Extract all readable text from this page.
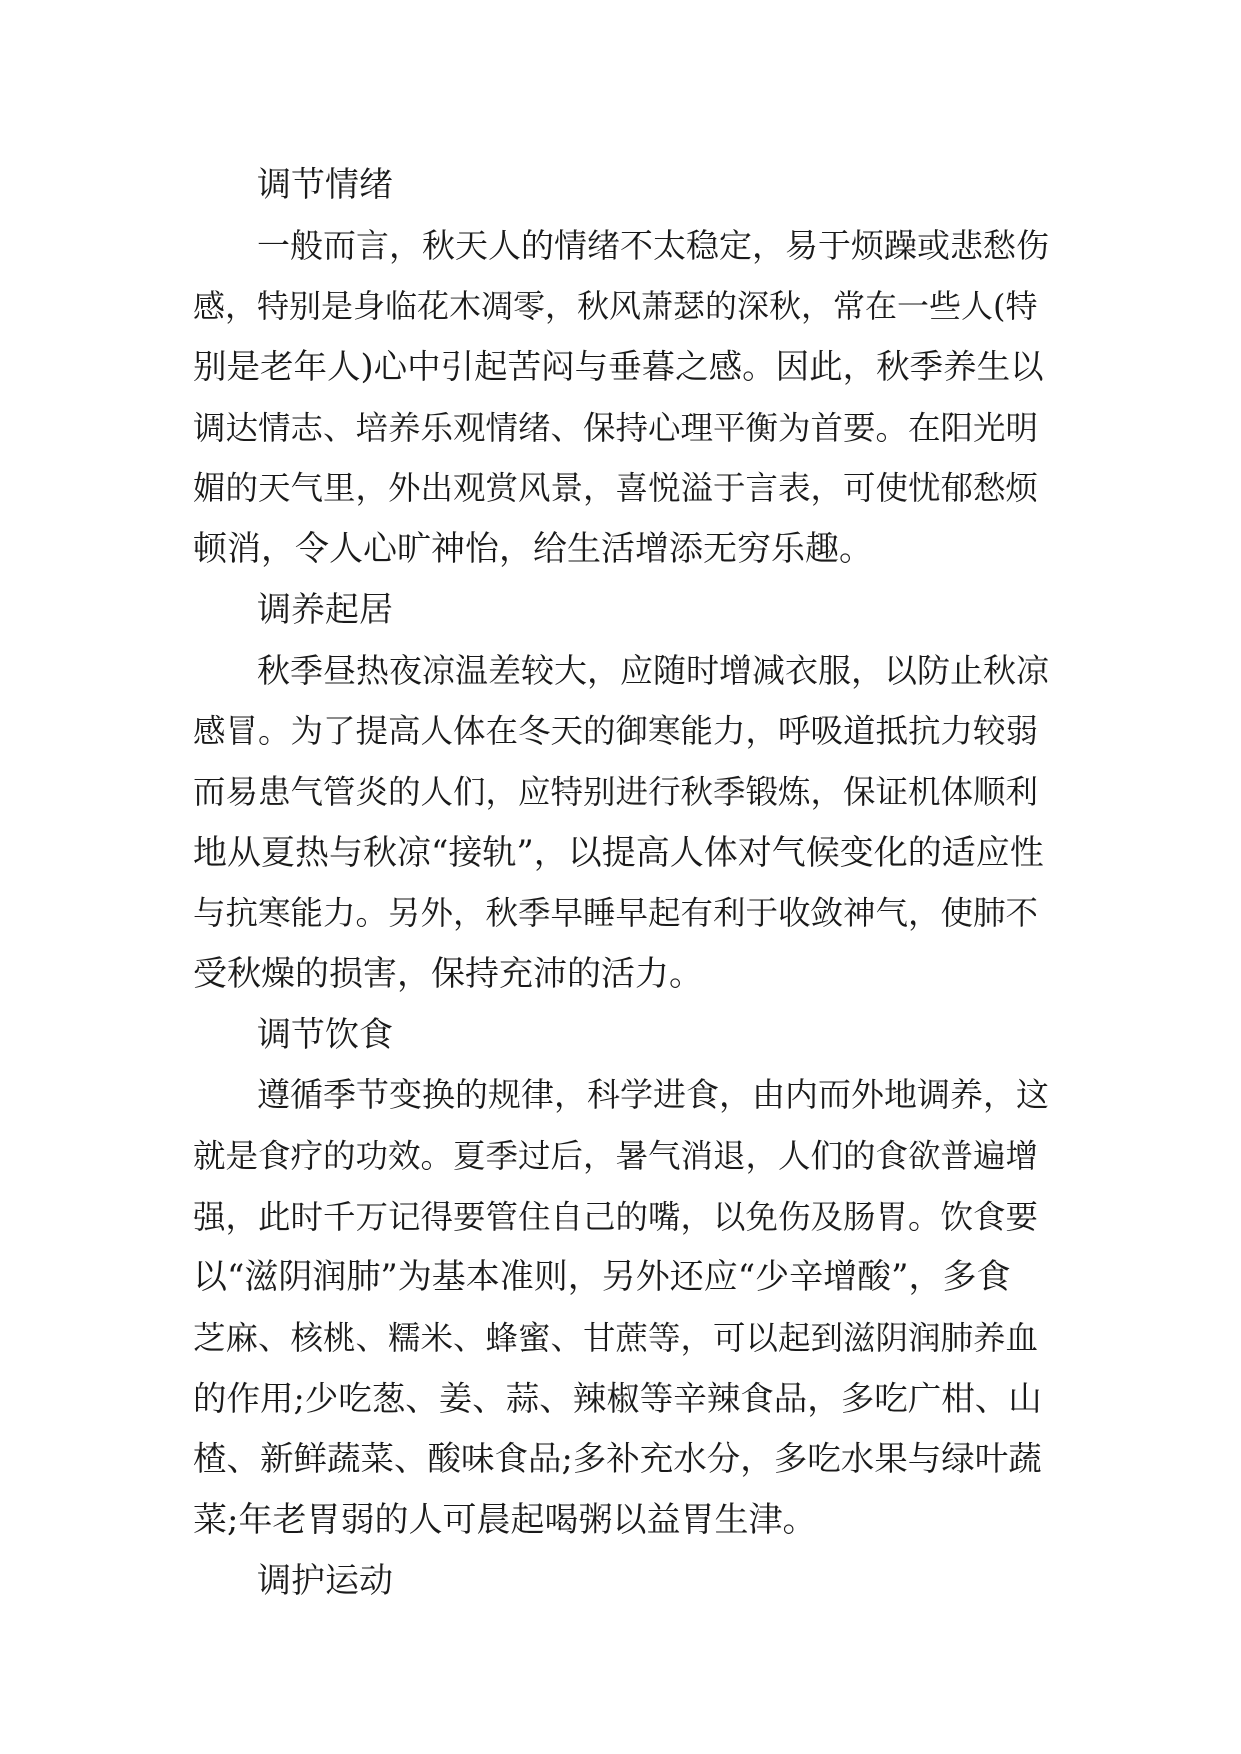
调节情绪
一般而言，秋天人的情绪不太稳定，易于烦躁或悲愁伤
感，特别是身临花木凋零，秋风萧瑟的深秋，常在一些人(特
别是老年人)心中引起苦闷与垂暮之感。因此，秋季养生以
调达情志、培养乐观情绪、保持心理平衡为首要。在阳光明
媚的天气里，外出观赏风景，喜悦溢于言表，可使忧郁愁烦
顿消，令人心旷神怡，给生活增添无穷乐趣。
调养起居
秋季昼热夜凉温差较大，应随时增减衣服，以防止秋凉
感冒。为了提高人体在冬天的御寒能力，呼吸道抵抗力较弱
而易患气管炎的人们，应特别进行秋季锻炼，保证机体顺利
地从夏热与秋凉“接轨”，以提高人体对气候变化的适应性
与抗寒能力。另外，秋季早睡早起有利于收敛神气，使肺不
受秋燥的损害，保持充沛的活力。
调节饮食
遵循季节变换的规律，科学进食，由内而外地调养，这
就是食疗的功效。夏季过后，暑气消退，人们的食欲普遍增
强，此时千万记得要管住自己的嘴，以免伤及肠胃。饮食要
以“滋阴润肺”为基本准则，另外还应“少辛增酸”，多食
芝麻、核桃、糯米、蜂蜜、甘蔗等，可以起到滋阴润肺养血
的作用;少吃葱、姜、蒜、辣椒等辛辣食品，多吃广柑、山
楂、新鲜蔬菜、酸味食品;多补充水分，多吃水果与绿叶蔬
菜;年老胃弱的人可晨起喝粥以益胃生津。
调护运动
